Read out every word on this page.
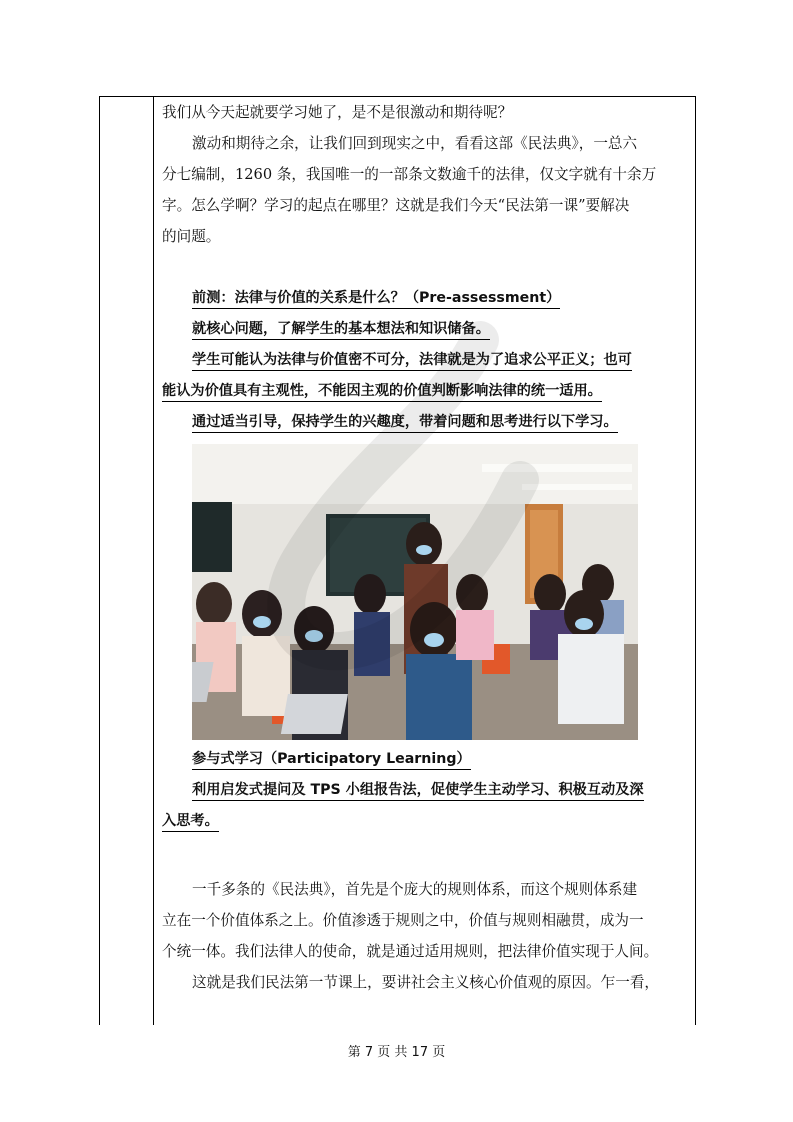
我们从今天起就要学习她了，是不是很激动和期待呢？
激动和期待之余，让我们回到现实之中，看看这部《民法典》，一总六
分七编制，1260 条，我国唯一的一部条文数逾千的法律，仅文字就有十余万
字。怎么学啊？学习的起点在哪里？这就是我们今天“民法第一课”要解决
的问题。
前测：法律与价值的关系是什么？（Pre-assessment）
就核心问题，了解学生的基本想法和知识储备。
学生可能认为法律与价值密不可分，法律就是为了追求公平正义；也可
能认为价值具有主观性，不能因主观的价值判断影响法律的统一适用。
通过适当引导，保持学生的兴趣度，带着问题和思考进行以下学习。
参与式学习（Participatory Learning）
利用启发式提问及 TPS 小组报告法，促使学生主动学习、积极互动及深
入思考。
一千多条的《民法典》，首先是个庞大的规则体系，而这个规则体系建
立在一个价值体系之上。价值渗透于规则之中，价值与规则相融贯，成为一
个统一体。我们法律人的使命，就是通过适用规则，把法律价值实现于人间。
这就是我们民法第一节课上，要讲社会主义核心价值观的原因。乍一看，
第 7 页 共 17 页
